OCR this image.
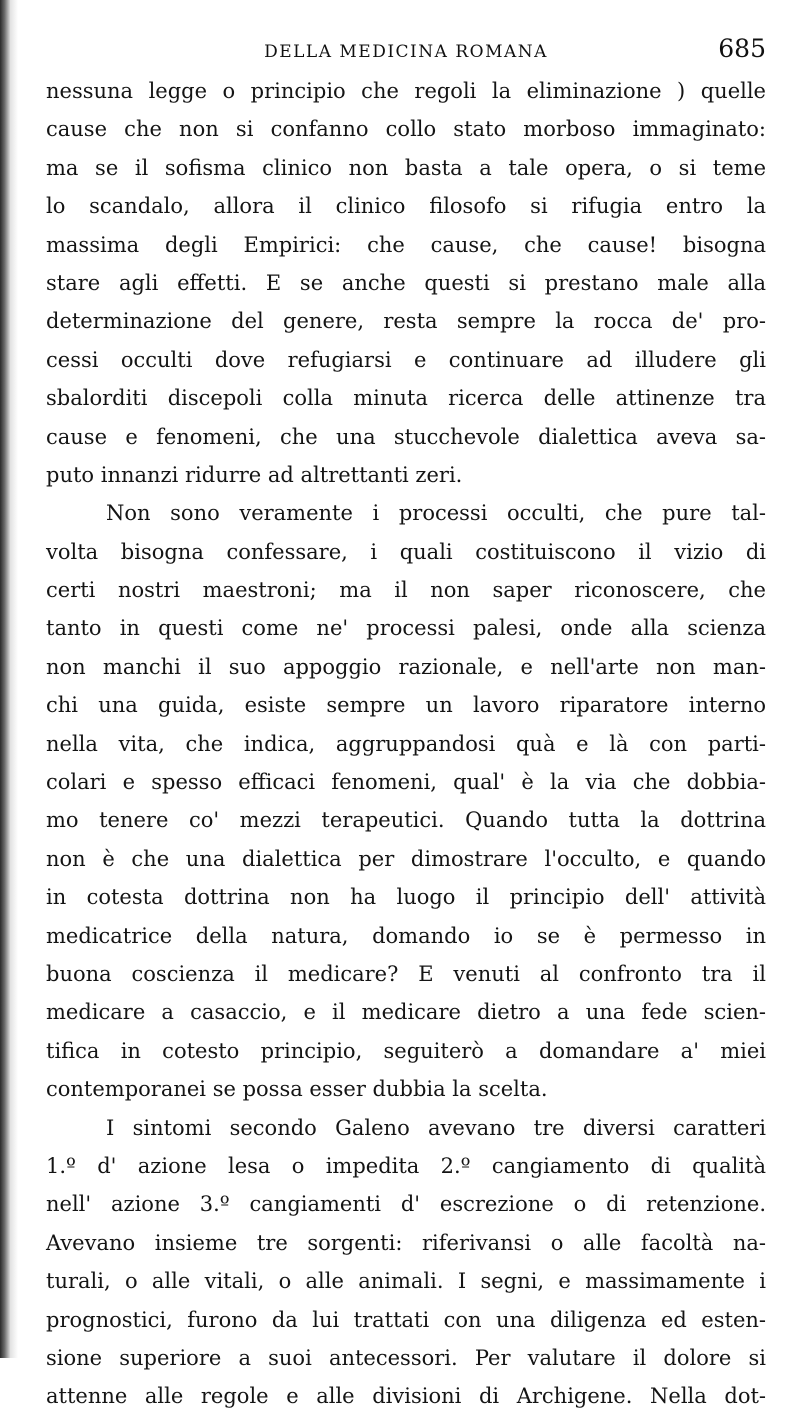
DELLA MEDICINA ROMANA	685
nessuna legge o principio che regoli la eliminazione ) quelle
cause che non si confanno collo stato morboso immaginato:
ma se il sofisma clinico non basta a tale opera, o si teme
lo scandalo, allora il clinico filosofo si rifugia entro la
massima degli Empirici: che cause, che cause! bisogna
stare agli effetti. E se anche questi si prestano male alla
determinazione del genere, resta sempre la rocca de' pro-
cessi occulti dove refugiarsi e continuare ad illudere gli
sbalorditi discepoli colla minuta ricerca delle attinenze tra
cause e fenomeni, che una stucchevole dialettica aveva sa-
puto innanzi ridurre ad altrettanti zeri.
Non sono veramente i processi occulti, che pure tal-
volta bisogna confessare, i quali costituiscono il vizio di
certi nostri maestroni; ma il non saper riconoscere, che
tanto in questi come ne' processi palesi, onde alla scienza
non manchi il suo appoggio razionale, e nell'arte non man-
chi una guida, esiste sempre un lavoro riparatore interno
nella vita, che indica, aggruppandosi quà e là con parti-
colari e spesso efficaci fenomeni, qual' è la via che dobbia-
mo tenere co' mezzi terapeutici. Quando tutta la dottrina
non è che una dialettica per dimostrare l'occulto, e quando
in cotesta dottrina non ha luogo il principio dell' attività
medicatrice della natura, domando io se è permesso in
buona coscienza il medicare? E venuti al confronto tra il
medicare a casaccio, e il medicare dietro a una fede scien-
tifica in cotesto principio, seguiterò a domandare a' miei
contemporanei se possa esser dubbia la scelta.
I sintomi secondo Galeno avevano tre diversi caratteri
1.º d' azione lesa o impedita 2.º cangiamento di qualità
nell' azione 3.º cangiamenti d' escrezione o di retenzione.
Avevano insieme tre sorgenti: riferivansi o alle facoltà na-
turali, o alle vitali, o alle animali. I segni, e massimamente i
prognostici, furono da lui trattati con una diligenza ed esten-
sione superiore a suoi antecessori. Per valutare il dolore si
attenne alle regole e alle divisioni di Archigene. Nella dot-
